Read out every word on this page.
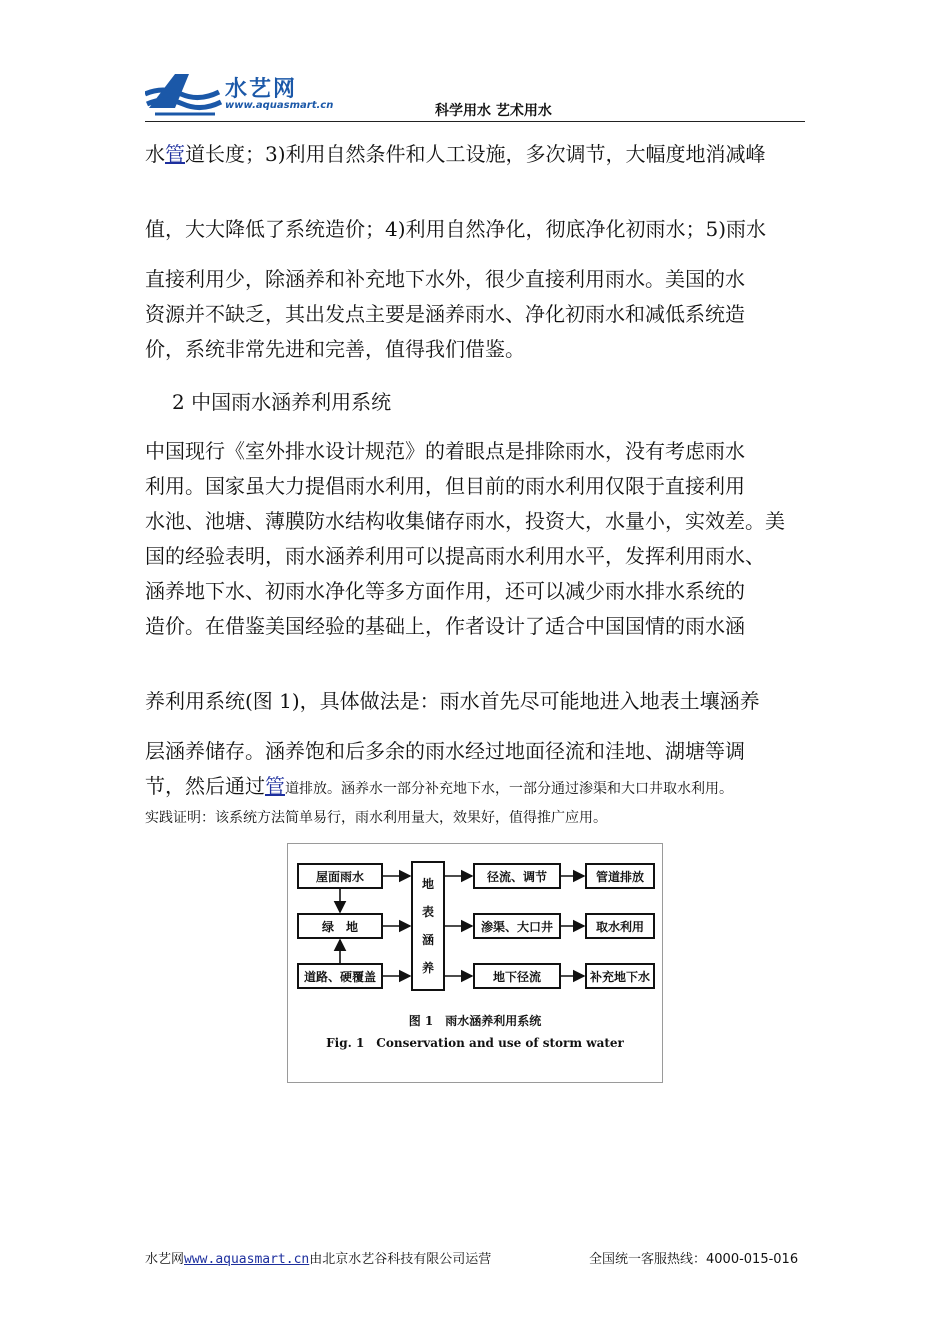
水艺网
www.aquasmart.cn	科学用水 艺术用水
水管道长度；3)利用自然条件和人工设施，多次调节，大幅度地消减峰
值，大大降低了系统造价；4)利用自然净化，彻底净化初雨水；5)雨水
直接利用少，除涵养和补充地下水外，很少直接利用雨水。美国的水
资源并不缺乏，其出发点主要是涵养雨水、净化初雨水和减低系统造
价，系统非常先进和完善，值得我们借鉴。
2 中国雨水涵养利用系统
中国现行《室外排水设计规范》的着眼点是排除雨水，没有考虑雨水
利用。国家虽大力提倡雨水利用，但目前的雨水利用仅限于直接利用
水池、池塘、薄膜防水结构收集储存雨水，投资大，水量小，实效差。美
国的经验表明，雨水涵养利用可以提高雨水利用水平，发挥利用雨水、
涵养地下水、初雨水净化等多方面作用，还可以减少雨水排水系统的
造价。在借鉴美国经验的基础上，作者设计了适合中国国情的雨水涵
养利用系统(图 1)，具体做法是：雨水首先尽可能地进入地表土壤涵养
层涵养储存。涵养饱和后多余的雨水经过地面径流和洼地、湖塘等调
节，然后通过管道排放。涵养水一部分补充地下水，一部分通过渗渠和大口井取水利用。
实践证明：该系统方法简单易行，雨水利用量大，效果好，值得推广应用。
屋面雨水
绿　地
道路、硬覆盖
地
表
涵
养
径流、调节
渗渠、大口井
地下径流
管道排放
取水利用
补充地下水
图 1　雨水涵养利用系统
Fig. 1　Conservation and use of storm water
水艺网www.aquasmart.cn由北京水艺谷科技有限公司运营	全国统一客服热线：4000-015-016
